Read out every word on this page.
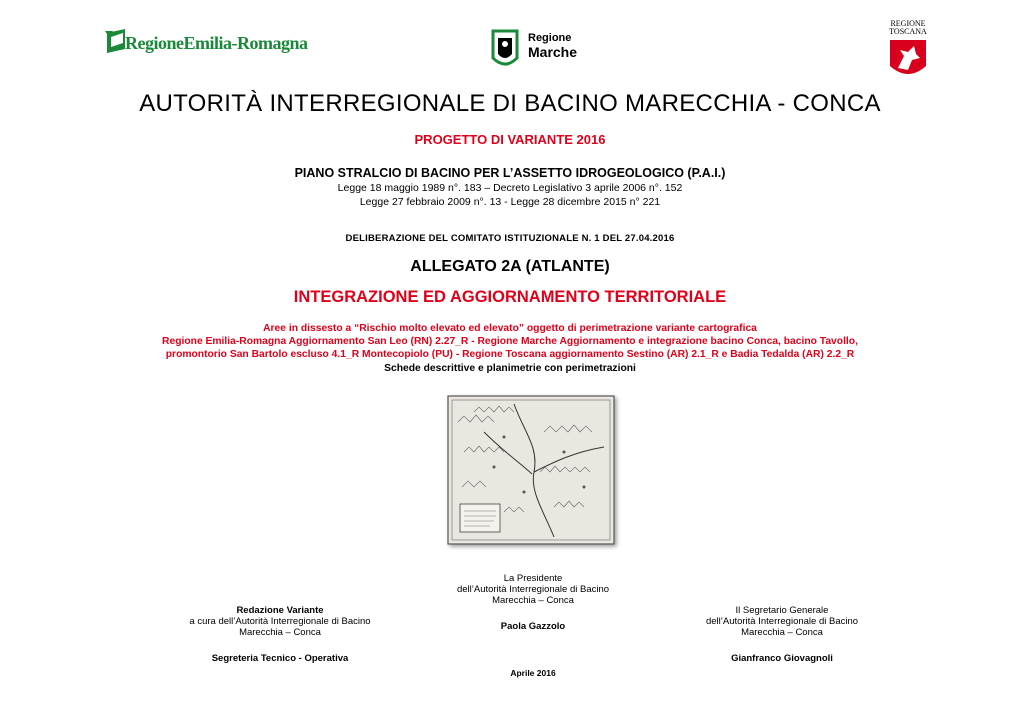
RegioneEmilia-Romagna	Regione
Marche
REGIONE
TOSCANA
AUTORITÀ INTERREGIONALE DI BACINO MARECCHIA - CONCA
PROGETTO DI VARIANTE 2016
PIANO STRALCIO DI BACINO PER L’ASSETTO IDROGEOLOGICO (P.A.I.)
Legge 18 maggio 1989 n°. 183 – Decreto Legislativo 3 aprile 2006 n°. 152
Legge 27 febbraio 2009 n°. 13 - Legge 28 dicembre 2015 n° 221
DELIBERAZIONE DEL COMITATO ISTITUZIONALE N. 1 DEL 27.04.2016
ALLEGATO 2A (ATLANTE)
INTEGRAZIONE ED AGGIORNAMENTO TERRITORIALE
Aree in dissesto a “Rischio molto elevato ed elevato” oggetto di perimetrazione variante cartografica
Regione Emilia-Romagna Aggiornamento San Leo (RN) 2.27_R - Regione Marche Aggiornamento e integrazione bacino Conca, bacino Tavollo,
promontorio San Bartolo escluso 4.1_R Montecopiolo (PU) - Regione Toscana aggiornamento Sestino (AR) 2.1_R e Badia Tedalda (AR) 2.2_R
Schede descrittive e planimetrie con perimetrazioni
La Presidente
dell’Autorità Interregionale di Bacino
Marecchia – Conca
Paola Gazzolo
Redazione Variante
a cura dell’Autorità Interregionale di Bacino
Marecchia – Conca
Il Segretario Generale
dell’Autorità Interregionale di Bacino
Marecchia – Conca
Segreteria Tecnico - Operativa	Gianfranco Giovagnoli
Aprile 2016
